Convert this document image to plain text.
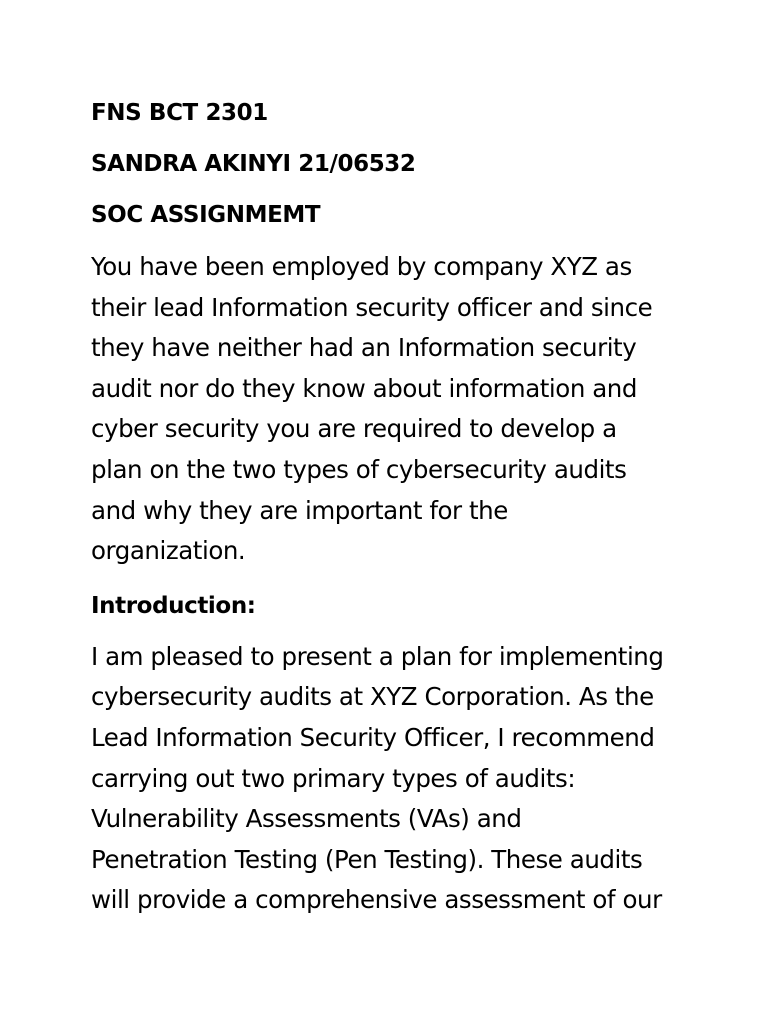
FNS BCT 2301
SANDRA AKINYI 21/06532
SOC ASSIGNMEMT
You have been employed by company XYZ as
their lead Information security officer and since
they have neither had an Information security
audit nor do they know about information and
cyber security you are required to develop a
plan on the two types of cybersecurity audits
and why they are important for the
organization.
Introduction:
I am pleased to present a plan for implementing
cybersecurity audits at XYZ Corporation. As the
Lead Information Security Officer, I recommend
carrying out two primary types of audits:
Vulnerability Assessments (VAs) and
Penetration Testing (Pen Testing). These audits
will provide a comprehensive assessment of our
